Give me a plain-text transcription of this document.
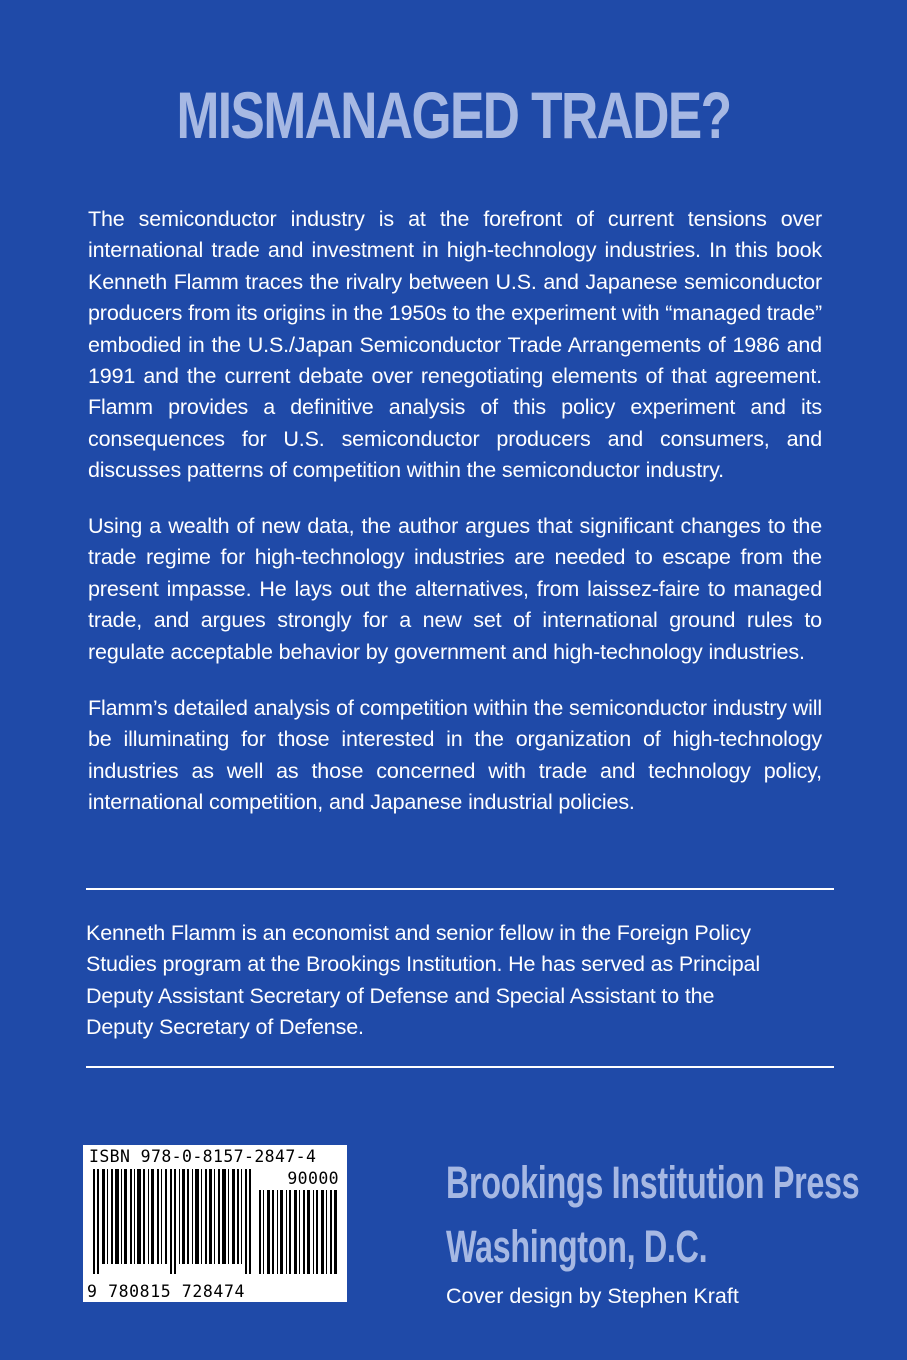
MISMANAGED TRADE?
The semiconductor industry is at the forefront of current tensions over international trade and investment in high-technology industries. In this book Kenneth Flamm traces the rivalry between U.S. and Japanese semiconductor producers from its origins in the 1950s to the experiment with “managed trade” embodied in the U.S./Japan Semiconductor Trade Arrangements of 1986 and 1991 and the current debate over renegotiating elements of that agreement. Flamm provides a definitive analysis of this policy experiment and its consequences for U.S. semiconductor producers and consumers, and discusses patterns of competition within the semiconductor industry.
Using a wealth of new data, the author argues that significant changes to the trade regime for high-technology industries are needed to escape from the present impasse. He lays out the alternatives, from laissez-faire to managed trade, and argues strongly for a new set of international ground rules to regulate acceptable behavior by government and high-technology industries.
Flamm’s detailed analysis of competition within the semiconductor industry will be illuminating for those interested in the organization of high-technology industries as well as those concerned with trade and technology policy, international competition, and Japanese industrial policies.
Kenneth Flamm is an economist and senior fellow in the Foreign Policy Studies program at the Brookings Institution. He has served as Principal Deputy Assistant Secretary of Defense and Special Assistant to the Deputy Secretary of Defense.
ISBN 978-0-8157-2847-4
90000
9 780815 728474
Brookings Institution Press
Washington, D.C.
Cover design by Stephen Kraft
